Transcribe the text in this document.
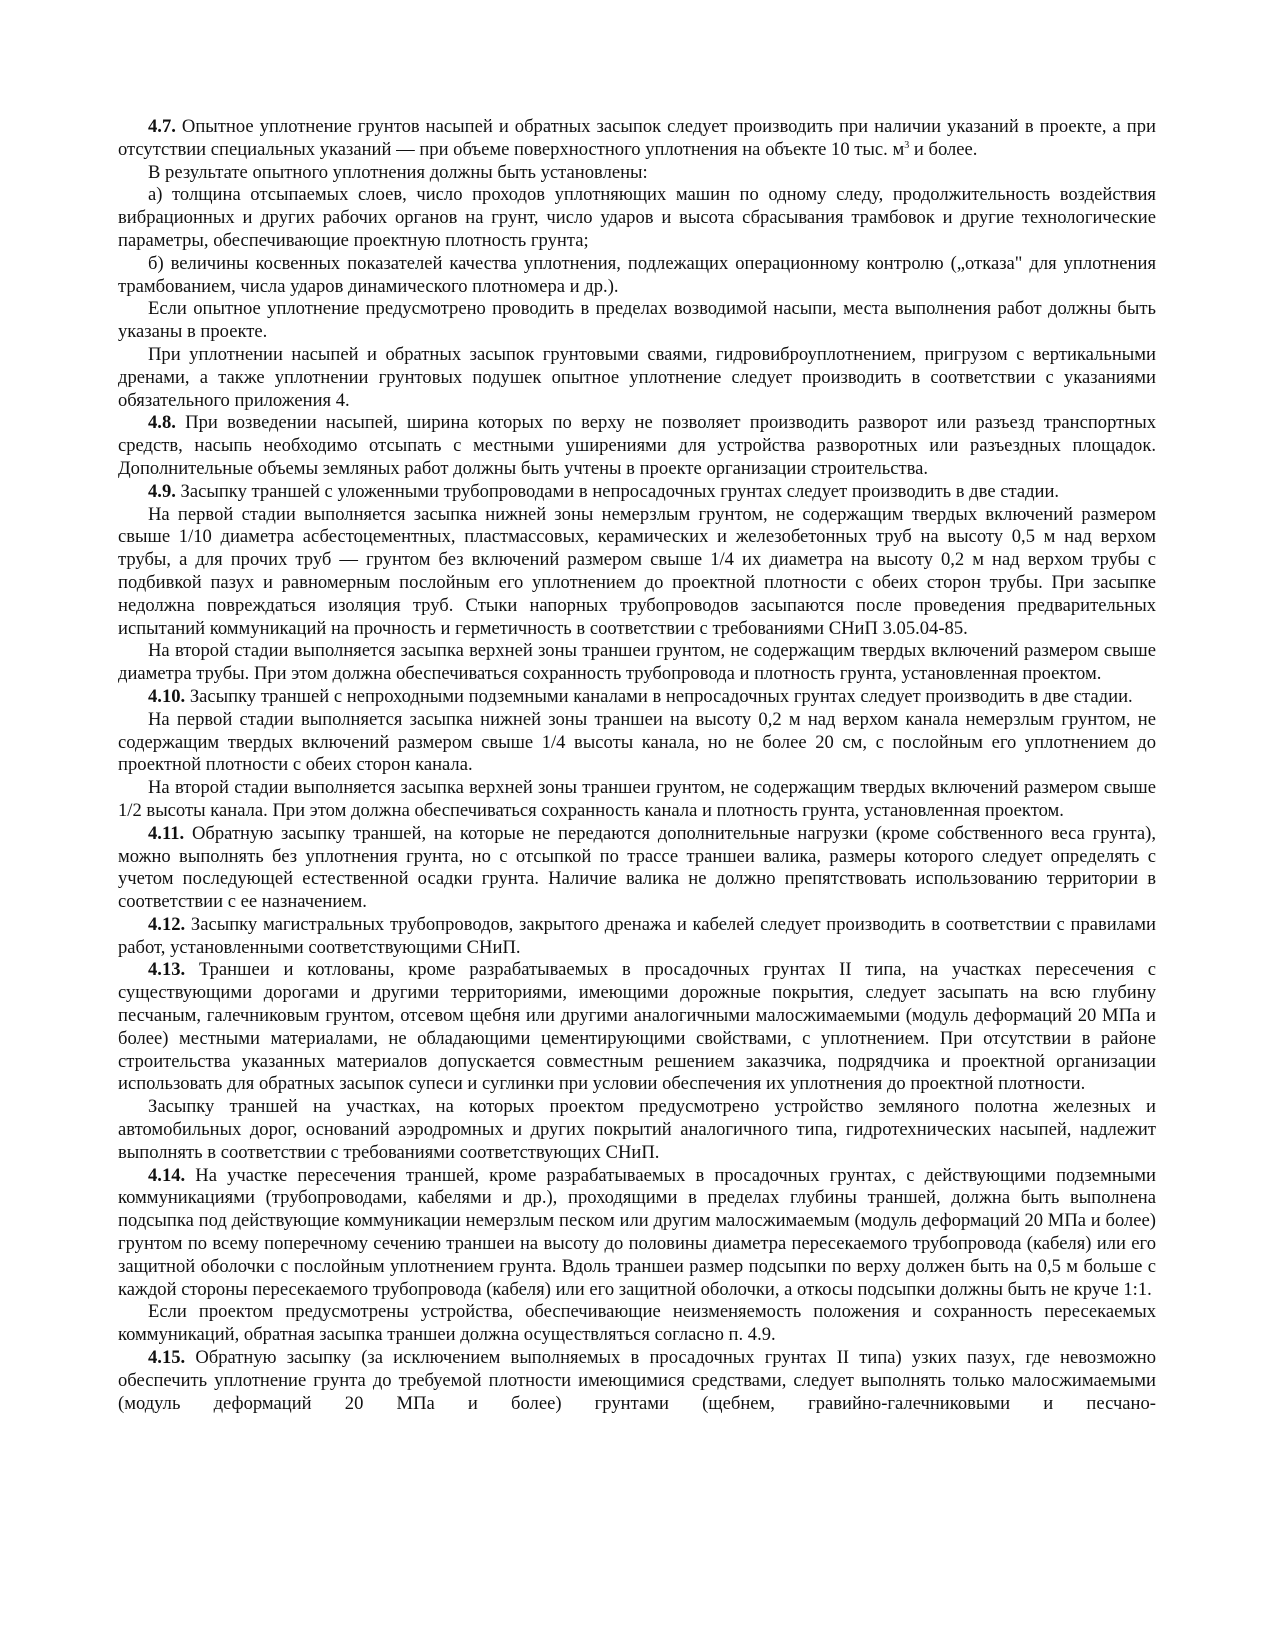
4.7. Опытное уплотнение грунтов насыпей и обратных засыпок следует производить при наличии указаний в проекте, а при отсутствии специальных указаний — при объеме поверхностного уплотнения на объекте 10 тыс. $м^3$ и более.

В результате опытного уплотнения должны быть установлены:

а) толщина отсыпаемых слоев, число проходов уплотняющих машин по одному следу, продолжительность воздействия вибрационных и других рабочих органов на грунт, число ударов и высота сбрасывания трамбовок и другие технологические параметры, обеспечивающие проектную плотность грунта;

б) величины косвенных показателей качества уплотнения, подлежащих операционному контролю („отказа" для уплотнения трамбованием, числа ударов динамического плотномера и др.).

Если опытное уплотнение предусмотрено проводить в пределах возводимой насыпи, места выполнения работ должны быть указаны в проекте.

При уплотнении насыпей и обратных засыпок грунтовыми сваями, гидровиброуплотнением, пригрузом с вертикальными дренами, а также уплотнении грунтовых подушек опытное уплотнение следует производить в соответствии с указаниями обязательного приложения 4.

4.8. При возведении насыпей, ширина которых по верху не позволяет производить разворот или разъезд транспортных средств, насыпь необходимо отсыпать с местными уширениями для устройства разворотных или разъездных площадок. Дополнительные объемы земляных работ должны быть учтены в проекте организации строительства.

4.9. Засыпку траншей с уложенными трубопроводами в непросадочных грунтах следует производить в две стадии.

На первой стадии выполняется засыпка нижней зоны немерзлым грунтом, не содержащим твердых включений размером свыше 1/10 диаметра асбестоцементных, пластмассовых, керамических и железобетонных труб на высоту 0,5 м над верхом трубы, а для прочих труб — грунтом без включений размером свыше 1/4 их диаметра на высоту 0,2 м над верхом трубы с подбивкой пазух и равномерным послойным его уплотнением до проектной плотности с обеих сторон трубы. При засыпке недолжна повреждаться изоляция труб. Стыки напорных трубопроводов засыпаются после проведения предварительных испытаний коммуникаций на прочность и герметичность в соответствии с требованиями СНиП 3.05.04-85.

На второй стадии выполняется засыпка верхней зоны траншеи грунтом, не содержащим твердых включений размером свыше диаметра трубы. При этом должна обеспечиваться сохранность трубопровода и плотность грунта, установленная проектом.

4.10. Засыпку траншей с непроходными подземными каналами в непросадочных грунтах следует производить в две стадии.

На первой стадии выполняется засыпка нижней зоны траншеи на высоту 0,2 м над верхом канала немерзлым грунтом, не содержащим твердых включений размером свыше 1/4 высоты канала, но не более 20 см, с послойным его уплотнением до проектной плотности с обеих сторон канала.

На второй стадии выполняется засыпка верхней зоны траншеи грунтом, не содержащим твердых включений размером свыше 1/2 высоты канала. При этом должна обеспечиваться сохранность канала и плотность грунта, установленная проектом.

4.11. Обратную засыпку траншей, на которые не передаются дополнительные нагрузки (кроме собственного веса грунта), можно выполнять без уплотнения грунта, но с отсыпкой по трассе траншеи валика, размеры которого следует определять с учетом последующей естественной осадки грунта. Наличие валика не должно препятствовать использованию территории в соответствии с ее назначением.

4.12. Засыпку магистральных трубопроводов, закрытого дренажа и кабелей следует производить в соответствии с правилами работ, установленными соответствующими СНиП.

4.13. Траншеи и котлованы, кроме разрабатываемых в просадочных грунтах II типа, на участках пересечения с существующими дорогами и другими территориями, имеющими дорожные покрытия, следует засыпать на всю глубину песчаным, галечниковым грунтом, отсевом щебня или другими аналогичными малосжимаемыми (модуль деформаций 20 МПа и более) местными материалами, не обладающими цементирующими свойствами, с уплотнением. При отсутствии в районе строительства указанных материалов допускается совместным решением заказчика, подрядчика и проектной организации использовать для обратных засыпок супеси и суглинки при условии обеспечения их уплотнения до проектной плотности.

Засыпку траншей на участках, на которых проектом предусмотрено устройство земляного полотна железных и автомобильных дорог, оснований аэродромных и других покрытий аналогичного типа, гидротехнических насыпей, надлежит выполнять в соответствии с требованиями соответствующих СНиП.

4.14. На участке пересечения траншей, кроме разрабатываемых в просадочных грунтах, с действующими подземными коммуникациями (трубопроводами, кабелями и др.), проходящими в пределах глубины траншей, должна быть выполнена подсыпка под действующие коммуникации немерзлым песком или другим малосжимаемым (модуль деформаций 20 МПа и более) грунтом по всему поперечному сечению траншеи на высоту до половины диаметра пересекаемого трубопровода (кабеля) или его защитной оболочки с послойным уплотнением грунта. Вдоль траншеи размер подсыпки по верху должен быть на 0,5 м больше с каждой стороны пересекаемого трубопровода (кабеля) или его защитной оболочки, а откосы подсыпки должны быть не круче 1:1.

Если проектом предусмотрены устройства, обеспечивающие неизменяемость положения и сохранность пересекаемых коммуникаций, обратная засыпка траншеи должна осуществляться согласно п. 4.9.

4.15. Обратную засыпку (за исключением выполняемых в просадочных грунтах II типа) узких пазух, где невозможно обеспечить уплотнение грунта до требуемой плотности имеющимися средствами, следует выполнять только малосжимаемыми (модуль деформаций 20 МПа и более) грунтами (щебнем, гравийно-галечниковыми и песчано-
